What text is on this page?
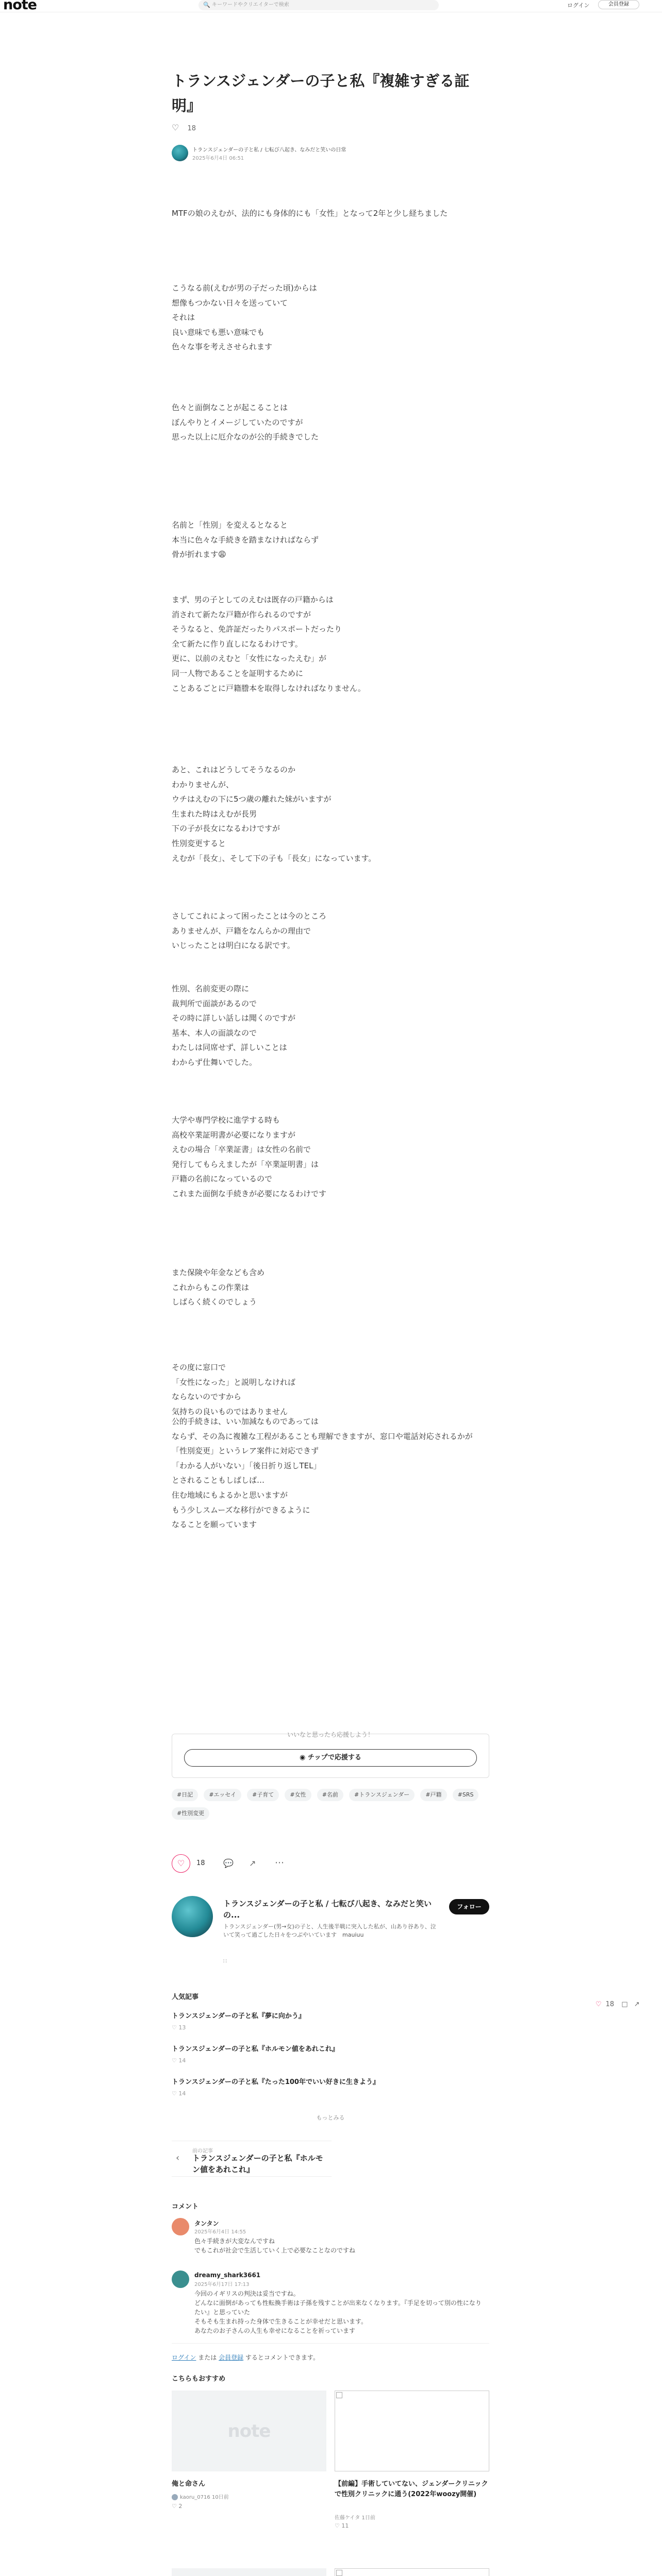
note	🔍 キーワードやクリエイターで検索	ログイン	会員登録
トランスジェンダーの子と私『複雑すぎる証明』
♡ 18
トランスジェンダーの子と私 / 七転び八起き、なみだと笑いの日常
2025年6月4日 06:51

MTFの娘のえむが、法的にも身体的にも「女性」となって2年と少し経ちました

こうなる前(えむが男の子だった頃)からは
想像もつかない日々を送っていて
それは
良い意味でも悪い意味でも
色々な事を考えさせられます

色々と面倒なことが起こることは
ぼんやりとイメージしていたのですが
思った以上に厄介なのが公的手続きでした

名前と「性別」を変えるとなると
本当に色々な手続きを踏まなければならず
骨が折れます😩

まず、男の子としてのえむは既存の戸籍からは
消されて新たな戸籍が作られるのですが
そうなると、免許証だったりパスポートだったり
全て新たに作り直しになるわけです。
更に、以前のえむと「女性になったえむ」が
同一人物であることを証明するために
ことあるごとに戸籍謄本を取得しなければなりません。

あと、これはどうしてそうなるのか
わかりませんが、
ウチはえむの下に5つ歳の離れた妹がいますが
生まれた時はえむが長男
下の子が長女になるわけですが
性別変更すると
えむが「長女」、そして下の子も「長女」になっています。

さしてこれによって困ったことは今のところ
ありませんが、戸籍をなんらかの理由で
いじったことは明白になる訳です。

性別、名前変更の際に
裁判所で面談があるので
その時に詳しい話しは聞くのですが
基本、本人の面談なので
わたしは同席せず、詳しいことは
わからず仕舞いでした。

大学や専門学校に進学する時も
高校卒業証明書が必要になりますが
えむの場合「卒業証書」は女性の名前で
発行してもらえましたが「卒業証明書」は
戸籍の名前になっているので
これまた面倒な手続きが必要になるわけです

また保険や年金なども含め
これからもこの作業は
しばらく続くのでしょう

その度に窓口で
「女性になった」と説明しなければ
ならないのですから
気持ちの良いものではありません

公的手続きは、いい加減なものであっては
ならず、その為に複雑な工程があることも理解できますが、窓口や電話対応されるかが
「性別変更」というレア案件に対応できず
「わかる人がいない」「後日折り返しTEL」
とされることもしばしば…
住む地域にもよるかと思いますが
もう少しスムーズな移行ができるように
なることを願っています

いいなと思ったら応援しよう！
◉ チップで応援する
#日記	#エッセイ	#子育て	#女性	#名前	#トランスジェンダー	#戸籍	#SRS #性別変更
♡	18 💬 ↗ ⋯
トランスジェンダーの子と私 / 七転び八起き、なみだと笑いの...
トランスジェンダー(男→女)の子と、人生後半戦に突入した私が、山あり谷あり、泣いて笑って過ごした日々をつぶやいています　mauiuu
フォロー
∷
人気記事
トランスジェンダーの子と私『夢に向かう』
♡ 13
トランスジェンダーの子と私『ホルモン値をあれこれ』
♡ 14
トランスジェンダーの子と私『たった100年でいい好きに生きよう』
♡ 14
もっとみる
‹
前の記事
トランスジェンダーの子と私『ホルモン値をあれこれ』
コメント
タンタン
2025年6月4日 14:55
色々手続きが大変なんですね
でもこれが社会で生活していく上で必要なことなのですね
dreamy_shark3661
2025年6月17日 17:13
今回のイギリスの判決は妥当ですね。
どんなに面倒があっても性転換手術は子孫を残すことが出来なくなります。『手足を切って別の性になりたい』と思っていた
そもそも生まれ持った身体で生きることが幸せだと思います。
あなたのお子さんの人生も幸せになることを祈っています
ログイン または 会員登録 するとコメントできます。
こちらもおすすめ
note
俺と命さん
kaoru_0716 10日前
♡ 2
【前編】手術していてない、ジェンダークリニックで性別クリニックに通う(2022年woozy開催)
佐藤ケイタ 1日前
♡ 11
♡ 18 □ ↗
